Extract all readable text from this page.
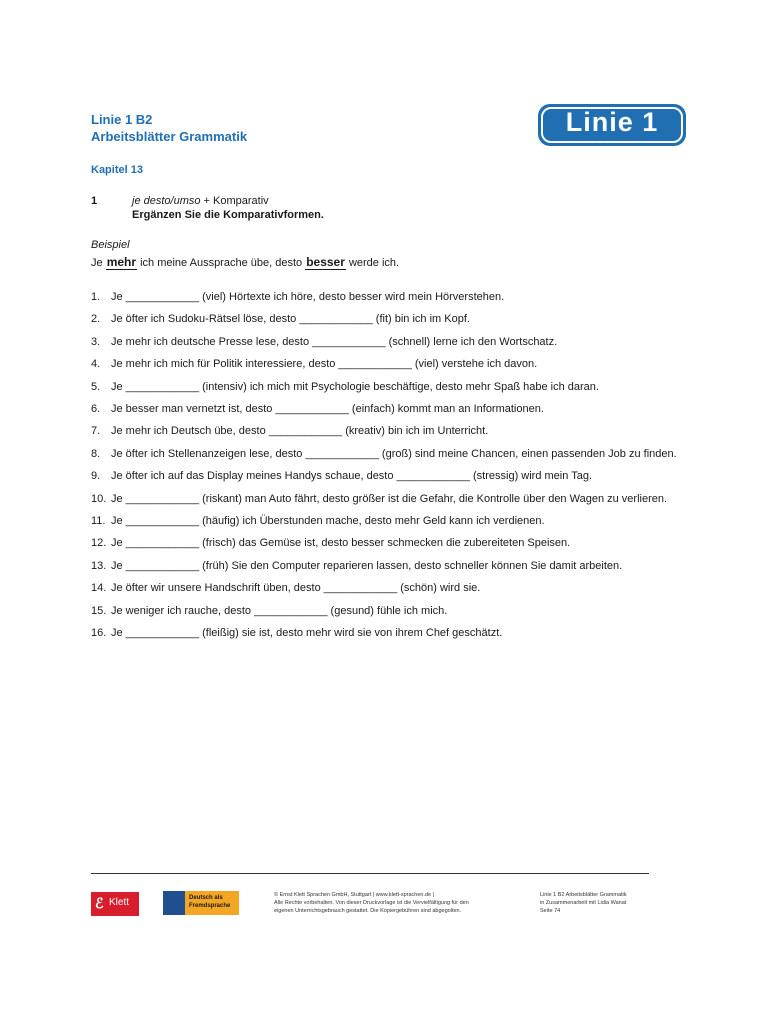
Linie 1 B2
Arbeitsblätter Grammatik	Linie 1
Kapitel 13
1	je desto/umso + Komparativ
Ergänzen Sie die Komparativformen.
Beispiel
Je mehr ich meine Aussprache übe, desto besser werde ich.
1. Je ____________ (viel) Hörtexte ich höre, desto besser wird mein Hörverstehen.
2. Je öfter ich Sudoku-Rätsel löse, desto ____________ (fit) bin ich im Kopf.
3. Je mehr ich deutsche Presse lese, desto ____________ (schnell) lerne ich den Wortschatz.
4. Je mehr ich mich für Politik interessiere, desto ____________ (viel) verstehe ich davon.
5. Je ____________ (intensiv) ich mich mit Psychologie beschäftige, desto mehr Spaß habe ich daran.
6. Je besser man vernetzt ist, desto ____________ (einfach) kommt man an Informationen.
7. Je mehr ich Deutsch übe, desto ____________ (kreativ) bin ich im Unterricht.
8. Je öfter ich Stellenanzeigen lese, desto ____________ (groß) sind meine Chancen, einen passenden Job zu finden.
9. Je öfter ich auf das Display meines Handys schaue, desto ____________ (stressig) wird mein Tag.
10. Je ____________ (riskant) man Auto fährt, desto größer ist die Gefahr, die Kontrolle über den Wagen zu verlieren.
11. Je ____________ (häufig) ich Überstunden mache, desto mehr Geld kann ich verdienen.
12. Je ____________ (frisch) das Gemüse ist, desto besser schmecken die zubereiteten Speisen.
13. Je ____________ (früh) Sie den Computer reparieren lassen, desto schneller können Sie damit arbeiten.
14. Je öfter wir unsere Handschrift üben, desto ____________ (schön) wird sie.
15. Je weniger ich rauche, desto ____________ (gesund) fühle ich mich.
16. Je ____________ (fleißig) sie ist, desto mehr wird sie von ihrem Chef geschätzt.
ℰ Klett	Deutsch als
Fremdsprache
© Ernst Klett Sprachen GmbH, Stuttgart | www.klett-sprachen.de |
Alle Rechte vorbehalten. Von dieser Druckvorlage ist die Vervielfältigung für den
eigenen Unterrichtsgebrauch gestattet. Die Kopiergebühren sind abgegolten.
Linie 1 B2 Arbeitsblätter Grammatik
in Zusammenarbeit mit Lidia Wanat
Seite 74
